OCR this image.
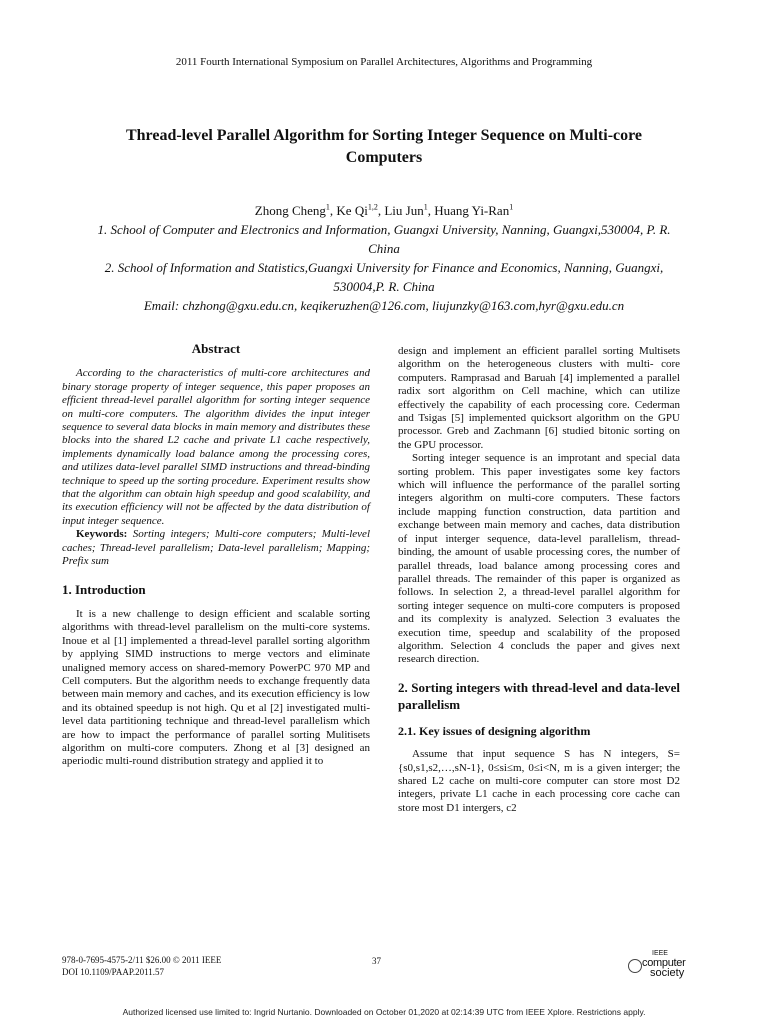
2011 Fourth International Symposium on Parallel Architectures, Algorithms and Programming
Thread-level Parallel Algorithm for Sorting Integer Sequence on Multi-core Computers
Zhong Cheng$^1$, Ke Qi$^{1,2}$, Liu Jun$^1$, Huang Yi-Ran$^1$
1. School of Computer and Electronics and Information, Guangxi University, Nanning, Guangxi,530004, P. R. China
2. School of Information and Statistics,Guangxi University for Finance and Economics, Nanning, Guangxi, 530004,P. R. China
Email: chzhong@gxu.edu.cn, keqikeruzhen@126.com, liujunzky@163.com,hyr@gxu.edu.cn
Abstract

According to the characteristics of multi-core architectures and binary storage property of integer sequence, this paper proposes an efficient thread-level parallel algorithm for sorting integer sequence on multi-core computers. The algorithm divides the input integer sequence to several data blocks in main memory and distributes these blocks into the shared L2 cache and private L1 cache respectively, implements dynamically load balance among the processing cores, and utilizes data-level parallel SIMD instructions and thread-binding technique to speed up the sorting procedure. Experiment results show that the algorithm can obtain high speedup and good scalability, and its execution efficiency will not be affected by the data distribution of input integer sequence.

Keywords: Sorting integers; Multi-core computers; Multi-level caches; Thread-level parallelism; Data-level parallelism; Mapping; Prefix sum

1. Introduction

It is a new challenge to design efficient and scalable sorting algorithms with thread-level parallelism on the multi-core systems. Inoue et al [1] implemented a thread-level parallel sorting algorithm by applying SIMD instructions to merge vectors and eliminate unaligned memory access on shared-memory PowerPC 970 MP and Cell computers. But the algorithm needs to exchange frequently data between main memory and caches, and its execution efficiency is low and its obtained speedup is not high. Qu et al [2] investigated multi-level data partitioning technique and thread-level parallelism which are how to impact the performance of parallel sorting Mulitisets algorithm on multi-core computers. Zhong et al [3] designed an aperiodic multi-round distribution strategy and applied it to

design and implement an efficient parallel sorting Multisets algorithm on the heterogeneous clusters with multi- core computers. Ramprasad and Baruah [4] implemented a parallel radix sort algorithm on Cell machine, which can utilize effectively the capability of each processing core. Cederman and Tsigas [5] implemented quicksort algorithm on the GPU processor. Greb and Zachmann [6] studied bitonic sorting on the GPU processor.

Sorting integer sequence is an improtant and special data sorting problem. This paper investigates some key factors which will influence the performance of the parallel sorting integers algorithm on multi-core computers. These factors include mapping function construction, data partition and exchange between main memory and caches, data distribution of input interger sequence, data-level parallelism, thread-binding, the amount of usable processing cores, the number of parallel threads, load balance among processing cores and parallel threads. The remainder of this paper is organized as follows. In selection 2, a thread-level parallel algorithm for sorting integer sequence on multi-core computers is proposed and its complexity is analyzed. Selection 3 evaluates the execution time, speedup and scalability of the proposed algorithm. Selection 4 concluds the paper and gives next research direction.

2. Sorting integers with thread-level and data-level parallelism
2.1. Key issues of designing algorithm

Assume that input sequence S has N integers, S={s0,s1,s2,…,sN-1}, 0≤si≤m, 0≤i<N, m is a given interger; the shared L2 cache on multi-core computer can store most D2 integers, private L1 cache in each processing core cache can store most D1 intergers, c2

978-0-7695-4575-2/11 $26.00 © 2011 IEEE
DOI 10.1109/PAAP.2011.57
37
IEEE
computer
society
Authorized licensed use limited to: Ingrid Nurtanio. Downloaded on October 01,2020 at 02:14:39 UTC from IEEE Xplore. Restrictions apply.
